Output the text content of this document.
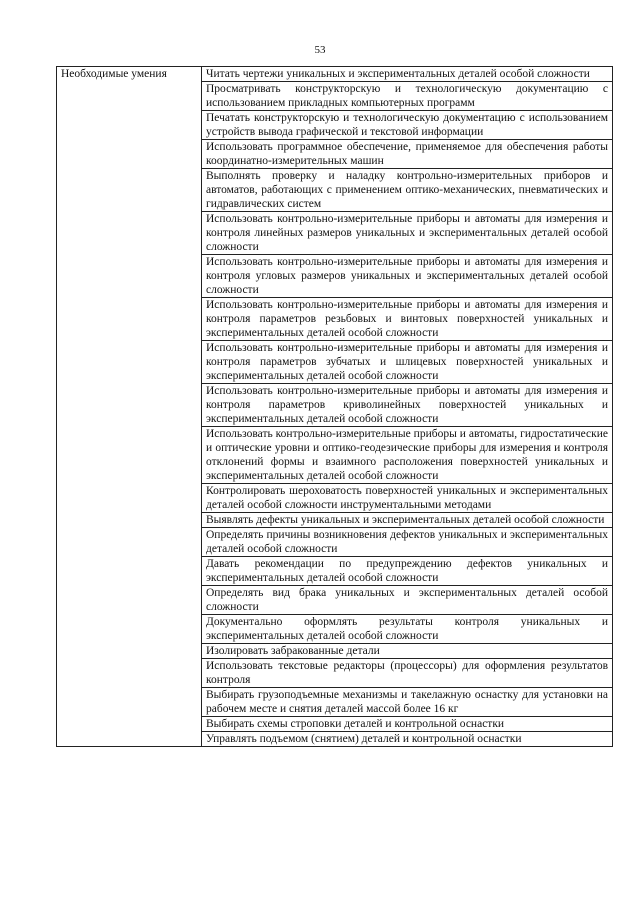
53
Необходимые умения	Читать чертежи уникальных и экспериментальных деталей особой сложности

Просматривать конструкторскую и технологическую документацию с использованием прикладных компьютерных программ

Печатать конструкторскую и технологическую документацию с использованием устройств вывода графической и текстовой информации

Использовать программное обеспечение, применяемое для обеспечения работы координатно-измерительных машин

Выполнять проверку и наладку контрольно-измерительных приборов и автоматов, работающих с применением оптико-механических, пневматических и гидравлических систем

Использовать контрольно-измерительные приборы и автоматы для измерения и контроля линейных размеров уникальных и экспериментальных деталей особой сложности

Использовать контрольно-измерительные приборы и автоматы для измерения и контроля угловых размеров уникальных и экспериментальных деталей особой сложности

Использовать контрольно-измерительные приборы и автоматы для измерения и контроля параметров резьбовых и винтовых поверхностей уникальных и экспериментальных деталей особой сложности

Использовать контрольно-измерительные приборы и автоматы для измерения и контроля параметров зубчатых и шлицевых поверхностей уникальных и экспериментальных деталей особой сложности

Использовать контрольно-измерительные приборы и автоматы для измерения и контроля параметров криволинейных поверхностей уникальных и экспериментальных деталей особой сложности

Использовать контрольно-измерительные приборы и автоматы, гидростатические и оптические уровни и оптико-геодезические приборы для измерения и контроля отклонений формы и взаимного расположения поверхностей уникальных и экспериментальных деталей особой сложности

Контролировать шероховатость поверхностей уникальных и экспериментальных деталей особой сложности инструментальными методами

Выявлять дефекты уникальных и экспериментальных деталей особой сложности

Определять причины возникновения дефектов уникальных и экспериментальных деталей особой сложности

Давать рекомендации по предупреждению дефектов уникальных и экспериментальных деталей особой сложности

Определять вид брака уникальных и экспериментальных деталей особой сложности

Документально оформлять результаты контроля уникальных и экспериментальных деталей особой сложности

Изолировать забракованные детали

Использовать текстовые редакторы (процессоры) для оформления результатов контроля

Выбирать грузоподъемные механизмы и такелажную оснастку для установки на рабочем месте и снятия деталей массой более 16 кг

Выбирать схемы строповки деталей и контрольной оснастки

Управлять подъемом (снятием) деталей и контрольной оснастки
